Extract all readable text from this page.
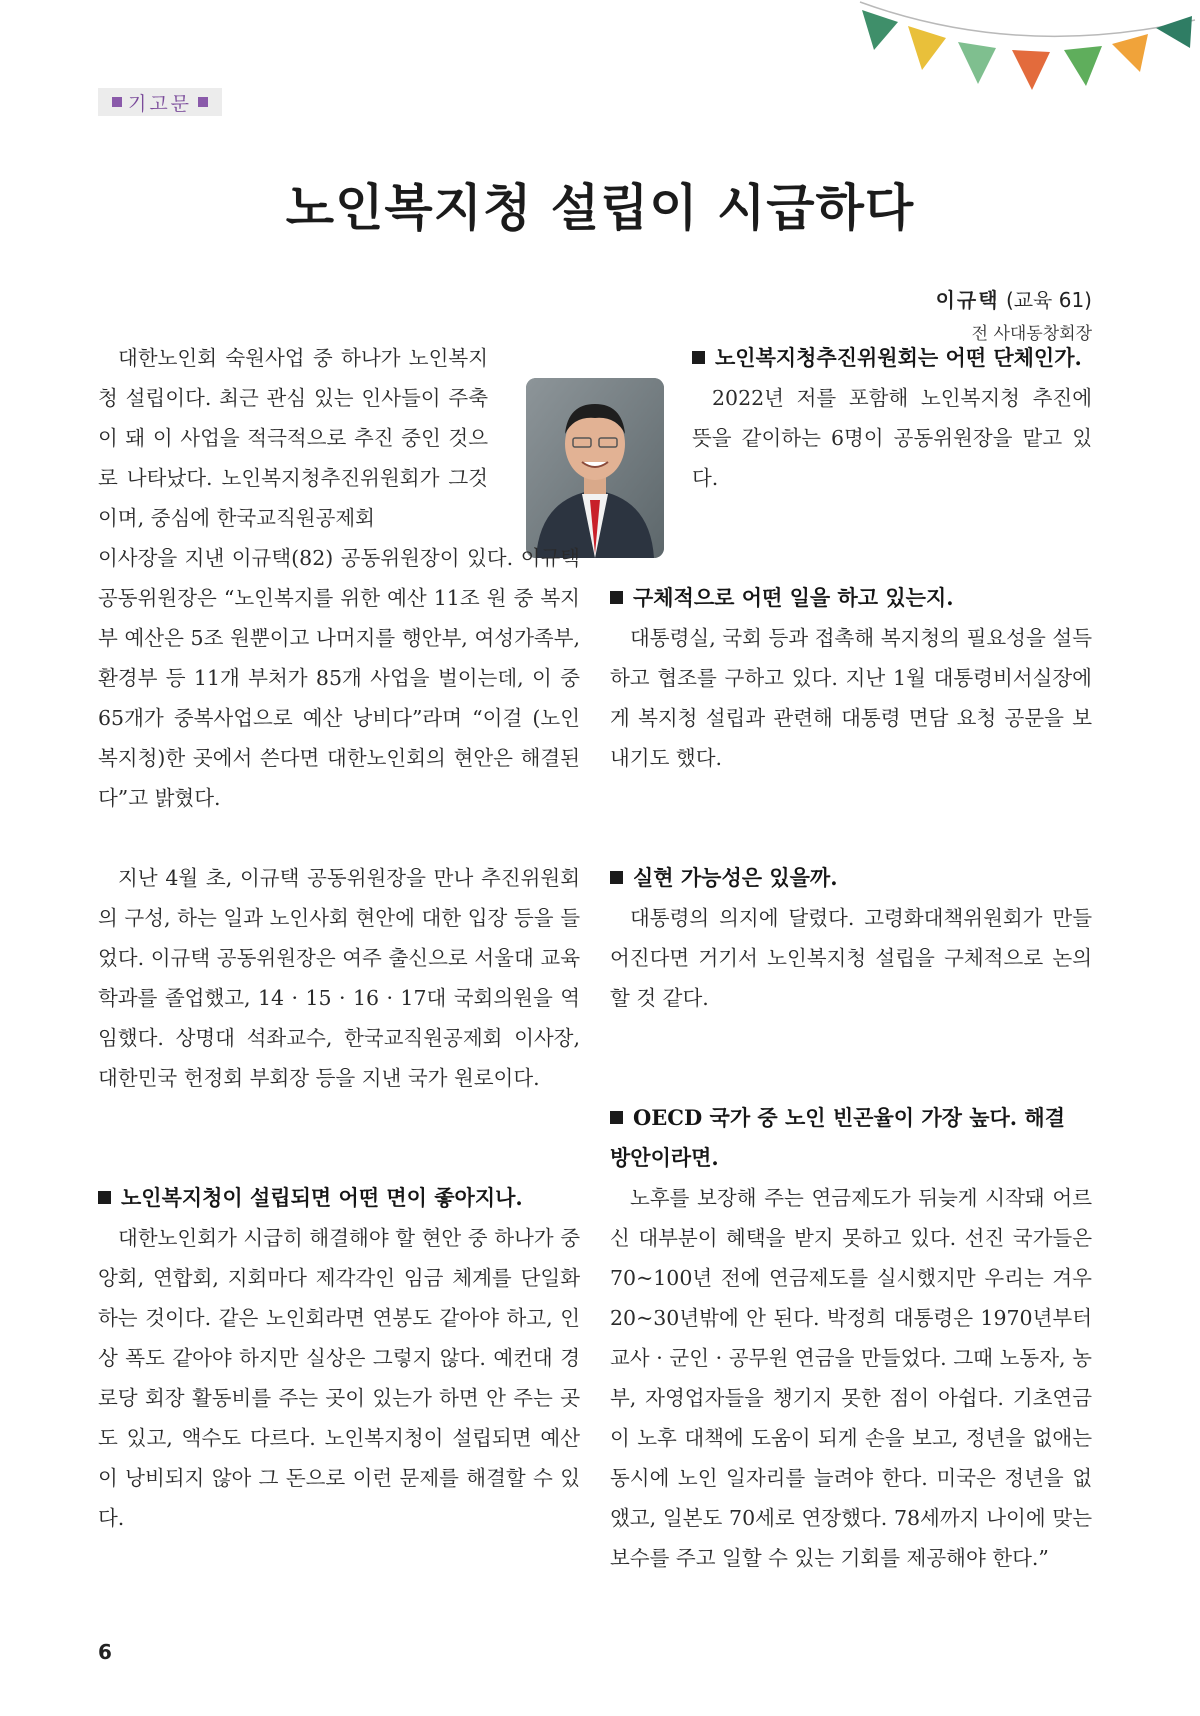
기고문
노인복지청 설립이 시급하다
이규택 (교육 61)
전 사대동창회장

대한노인회 숙원사업 중 하나가 노인복지청 설립이다. 최근 관심 있는 인사들이 주축이 돼 이 사업을 적극적으로 추진 중인 것으로 나타났다. 노인복지청추진위원회가 그것이며, 중심에 한국교직원공제회

이사장을 지낸 이규택(82) 공동위원장이 있다. 이규택 공동위원장은 “노인복지를 위한 예산 11조 원 중 복지부 예산은 5조 원뿐이고 나머지를 행안부, 여성가족부, 환경부 등 11개 부처가 85개 사업을 벌이는데, 이 중 65개가 중복사업으로 예산 낭비다”라며 “이걸 (노인복지청)한 곳에서 쓴다면 대한노인회의 현안은 해결된다”고 밝혔다.

지난 4월 초, 이규택 공동위원장을 만나 추진위원회의 구성, 하는 일과 노인사회 현안에 대한 입장 등을 들었다. 이규택 공동위원장은 여주 출신으로 서울대 교육학과를 졸업했고, 14 · 15 · 16 · 17대 국회의원을 역임했다. 상명대 석좌교수, 한국교직원공제회 이사장, 대한민국 헌정회 부회장 등을 지낸 국가 원로이다.

노인복지청이 설립되면 어떤 면이 좋아지나.

대한노인회가 시급히 해결해야 할 현안 중 하나가 중앙회, 연합회, 지회마다 제각각인 임금 체계를 단일화하는 것이다. 같은 노인회라면 연봉도 같아야 하고, 인상 폭도 같아야 하지만 실상은 그렇지 않다. 예컨대 경로당 회장 활동비를 주는 곳이 있는가 하면 안 주는 곳도 있고, 액수도 다르다. 노인복지청이 설립되면 예산이 낭비되지 않아 그 돈으로 이런 문제를 해결할 수 있다.

노인복지청추진위원회는 어떤 단체인가.

2022년 저를 포함해 노인복지청 추진에 뜻을 같이하는 6명이 공동위원장을 맡고 있다.

구체적으로 어떤 일을 하고 있는지.

대통령실, 국회 등과 접촉해 복지청의 필요성을 설득하고 협조를 구하고 있다. 지난 1월 대통령비서실장에게 복지청 설립과 관련해 대통령 면담 요청 공문을 보내기도 했다.

실현 가능성은 있을까.

대통령의 의지에 달렸다. 고령화대책위원회가 만들어진다면 거기서 노인복지청 설립을 구체적으로 논의할 것 같다.

OECD 국가 중 노인 빈곤율이 가장 높다. 해결 방안이라면.

노후를 보장해 주는 연금제도가 뒤늦게 시작돼 어르신 대부분이 혜택을 받지 못하고 있다. 선진 국가들은 70~100년 전에 연금제도를 실시했지만 우리는 겨우 20~30년밖에 안 된다. 박정희 대통령은 1970년부터 교사 · 군인 · 공무원 연금을 만들었다. 그때 노동자, 농부, 자영업자들을 챙기지 못한 점이 아쉽다. 기초연금이 노후 대책에 도움이 되게 손을 보고, 정년을 없애는 동시에 노인 일자리를 늘려야 한다. 미국은 정년을 없앴고, 일본도 70세로 연장했다. 78세까지 나이에 맞는 보수를 주고 일할 수 있는 기회를 제공해야 한다.”

6
